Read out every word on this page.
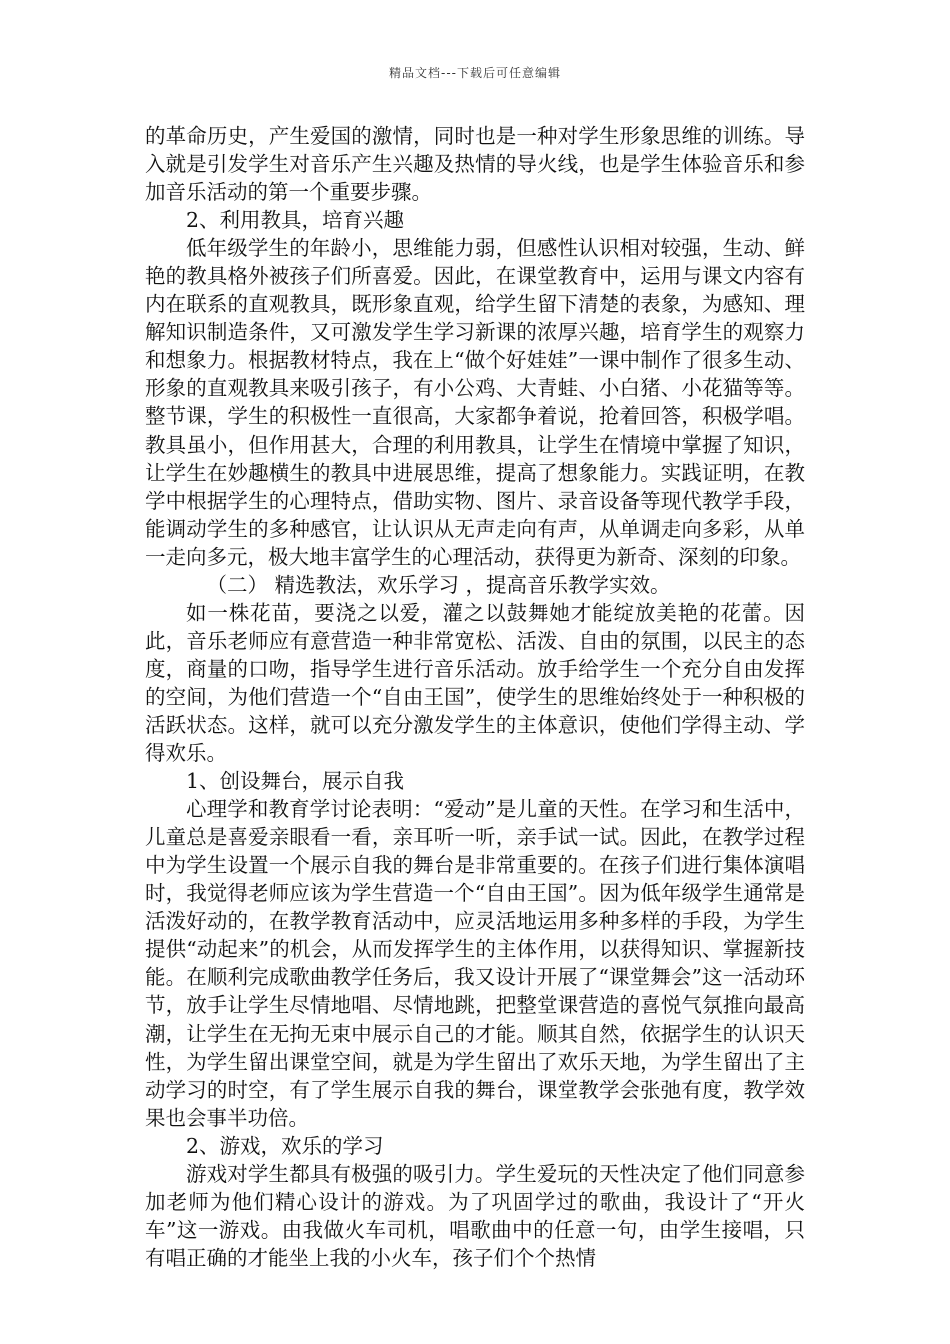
精品文档---下载后可任意编辑

的革命历史，产生爱国的激情，同时也是一种对学生形象思维的训练。导入就是引发学生对音乐产生兴趣及热情的导火线，也是学生体验音乐和参加音乐活动的第一个重要步骤。

2、利用教具，培育兴趣

低年级学生的年龄小，思维能力弱，但感性认识相对较强，生动、鲜艳的教具格外被孩子们所喜爱。因此，在课堂教育中，运用与课文内容有内在联系的直观教具，既形象直观，给学生留下清楚的表象，为感知、理解知识制造条件，又可激发学生学习新课的浓厚兴趣，培育学生的观察力和想象力。根据教材特点，我在上“做个好娃娃”一课中制作了很多生动、形象的直观教具来吸引孩子，有小公鸡、大青蛙、小白猪、小花猫等等。整节课，学生的积极性一直很高，大家都争着说，抢着回答，积极学唱。教具虽小，但作用甚大，合理的利用教具，让学生在情境中掌握了知识，让学生在妙趣横生的教具中进展思维，提高了想象能力。实践证明，在教学中根据学生的心理特点，借助实物、图片、录音设备等现代教学手段，能调动学生的多种感官，让认识从无声走向有声，从单调走向多彩，从单一走向多元，极大地丰富学生的心理活动，获得更为新奇、深刻的印象。

（二） 精选教法，欢乐学习 ，提高音乐教学实效。

如一株花苗，要浇之以爱，灌之以鼓舞她才能绽放美艳的花蕾。因此，音乐老师应有意营造一种非常宽松、活泼、自由的氛围，以民主的态度，商量的口吻，指导学生进行音乐活动。放手给学生一个充分自由发挥的空间，为他们营造一个“自由王国”，使学生的思维始终处于一种积极的活跃状态。这样，就可以充分激发学生的主体意识，使他们学得主动、学得欢乐。

1、创设舞台，展示自我

心理学和教育学讨论表明：“爱动”是儿童的天性。在学习和生活中，儿童总是喜爱亲眼看一看，亲耳听一听，亲手试一试。因此，在教学过程中为学生设置一个展示自我的舞台是非常重要的。在孩子们进行集体演唱时，我觉得老师应该为学生营造一个“自由王国”。因为低年级学生通常是活泼好动的，在教学教育活动中，应灵活地运用多种多样的手段，为学生提供“动起来”的机会，从而发挥学生的主体作用，以获得知识、掌握新技能。在顺利完成歌曲教学任务后，我又设计开展了“课堂舞会”这一活动环节，放手让学生尽情地唱、尽情地跳，把整堂课营造的喜悦气氛推向最高潮，让学生在无拘无束中展示自己的才能。顺其自然，依据学生的认识天性，为学生留出课堂空间，就是为学生留出了欢乐天地，为学生留出了主动学习的时空，有了学生展示自我的舞台，课堂教学会张弛有度，教学效果也会事半功倍。

2、游戏，欢乐的学习

游戏对学生都具有极强的吸引力。学生爱玩的天性决定了他们同意参加老师为他们精心设计的游戏。为了巩固学过的歌曲，我设计了“开火车”这一游戏。由我做火车司机，唱歌曲中的任意一句，由学生接唱，只有唱正确的才能坐上我的小火车，孩子们个个热情
